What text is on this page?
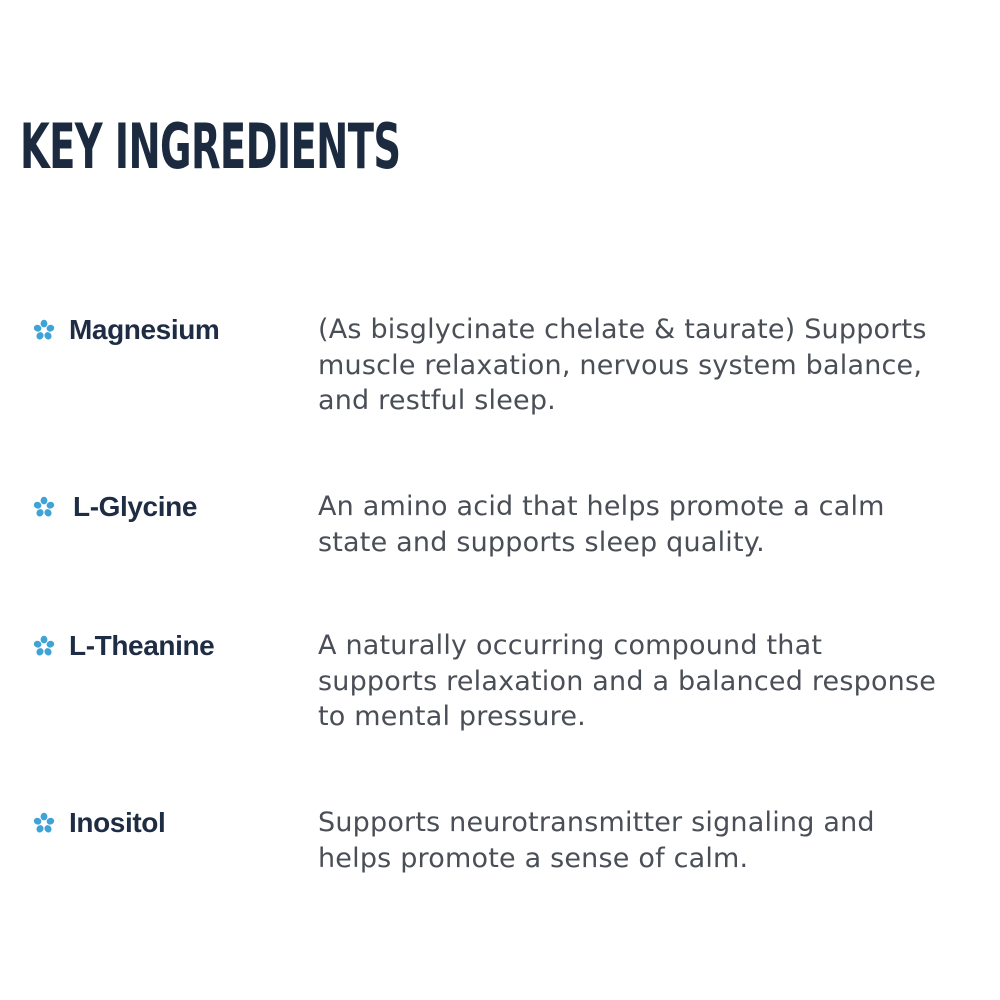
KEY INGREDIENTS
Magnesium	(As bisglycinate chelate & taurate) Supports
muscle relaxation, nervous system balance,
and restful sleep.

L-Glycine	An amino acid that helps promote a calm
state and supports sleep quality.

L-Theanine	A naturally occurring compound that
supports relaxation and a balanced response
to mental pressure.

Inositol	Supports neurotransmitter signaling and
helps promote a sense of calm.
